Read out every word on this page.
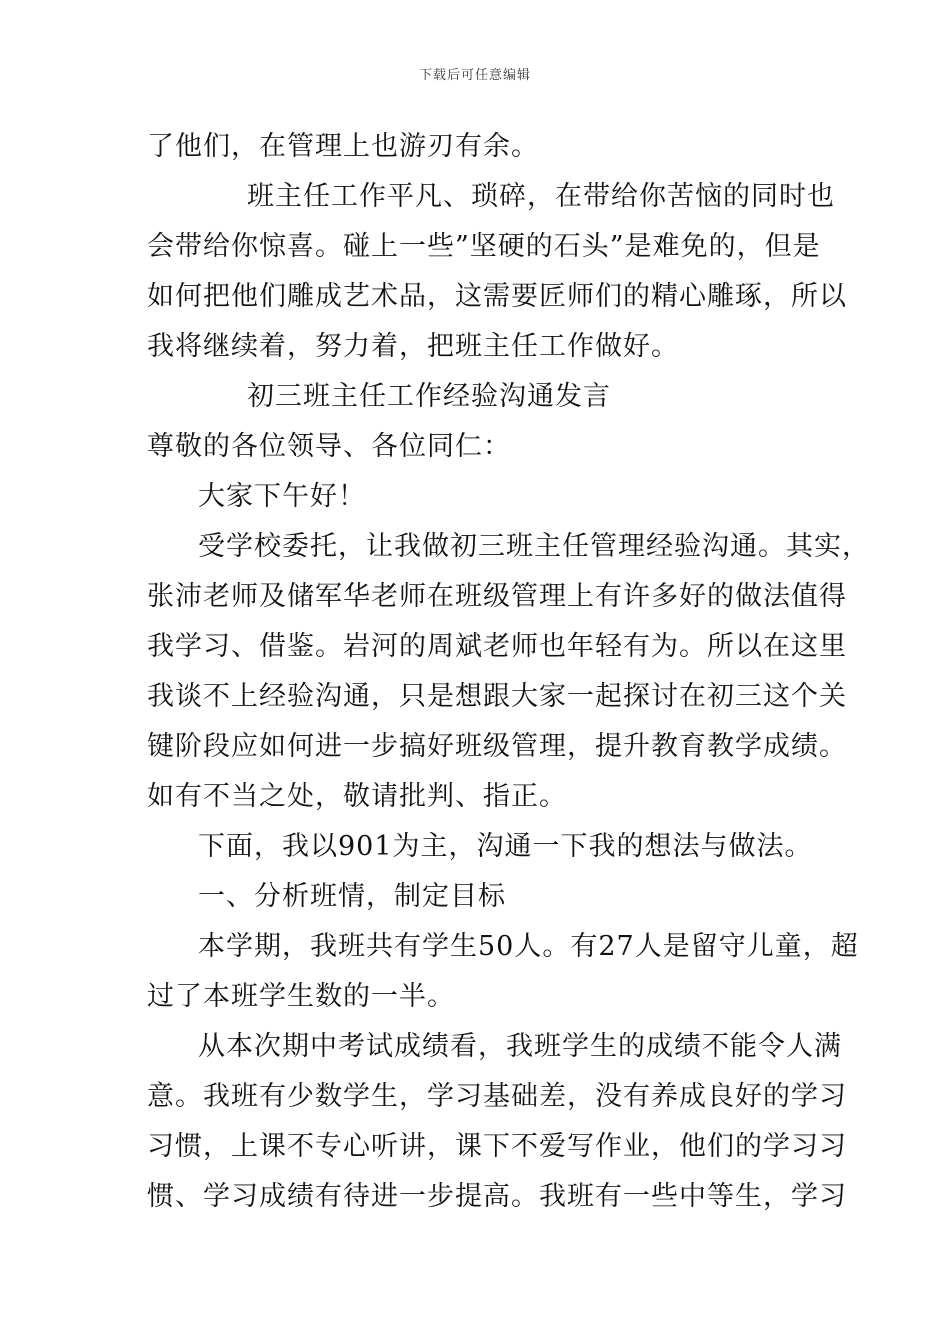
下载后可任意编辑
了他们，在管理上也游刃有余。
班主任工作平凡、琐碎，在带给你苦恼的同时也
会带给你惊喜。碰上一些”坚硬的石头”是难免的，但是
如何把他们雕成艺术品，这需要匠师们的精心雕琢，所以
我将继续着，努力着，把班主任工作做好。
初三班主任工作经验沟通发言
尊敬的各位领导、各位同仁：
大家下午好！
受学校委托，让我做初三班主任管理经验沟通。其实，
张沛老师及储军华老师在班级管理上有许多好的做法值得
我学习、借鉴。岩河的周斌老师也年轻有为。所以在这里
我谈不上经验沟通，只是想跟大家一起探讨在初三这个关
键阶段应如何进一步搞好班级管理，提升教育教学成绩。
如有不当之处，敬请批判、指正。
下面，我以901为主，沟通一下我的想法与做法。
一、分析班情，制定目标
本学期，我班共有学生50人。有27人是留守儿童，超
过了本班学生数的一半。
从本次期中考试成绩看，我班学生的成绩不能令人满
意。我班有少数学生，学习基础差，没有养成良好的学习
习惯，上课不专心听讲，课下不爱写作业，他们的学习习
惯、学习成绩有待进一步提高。我班有一些中等生，学习
